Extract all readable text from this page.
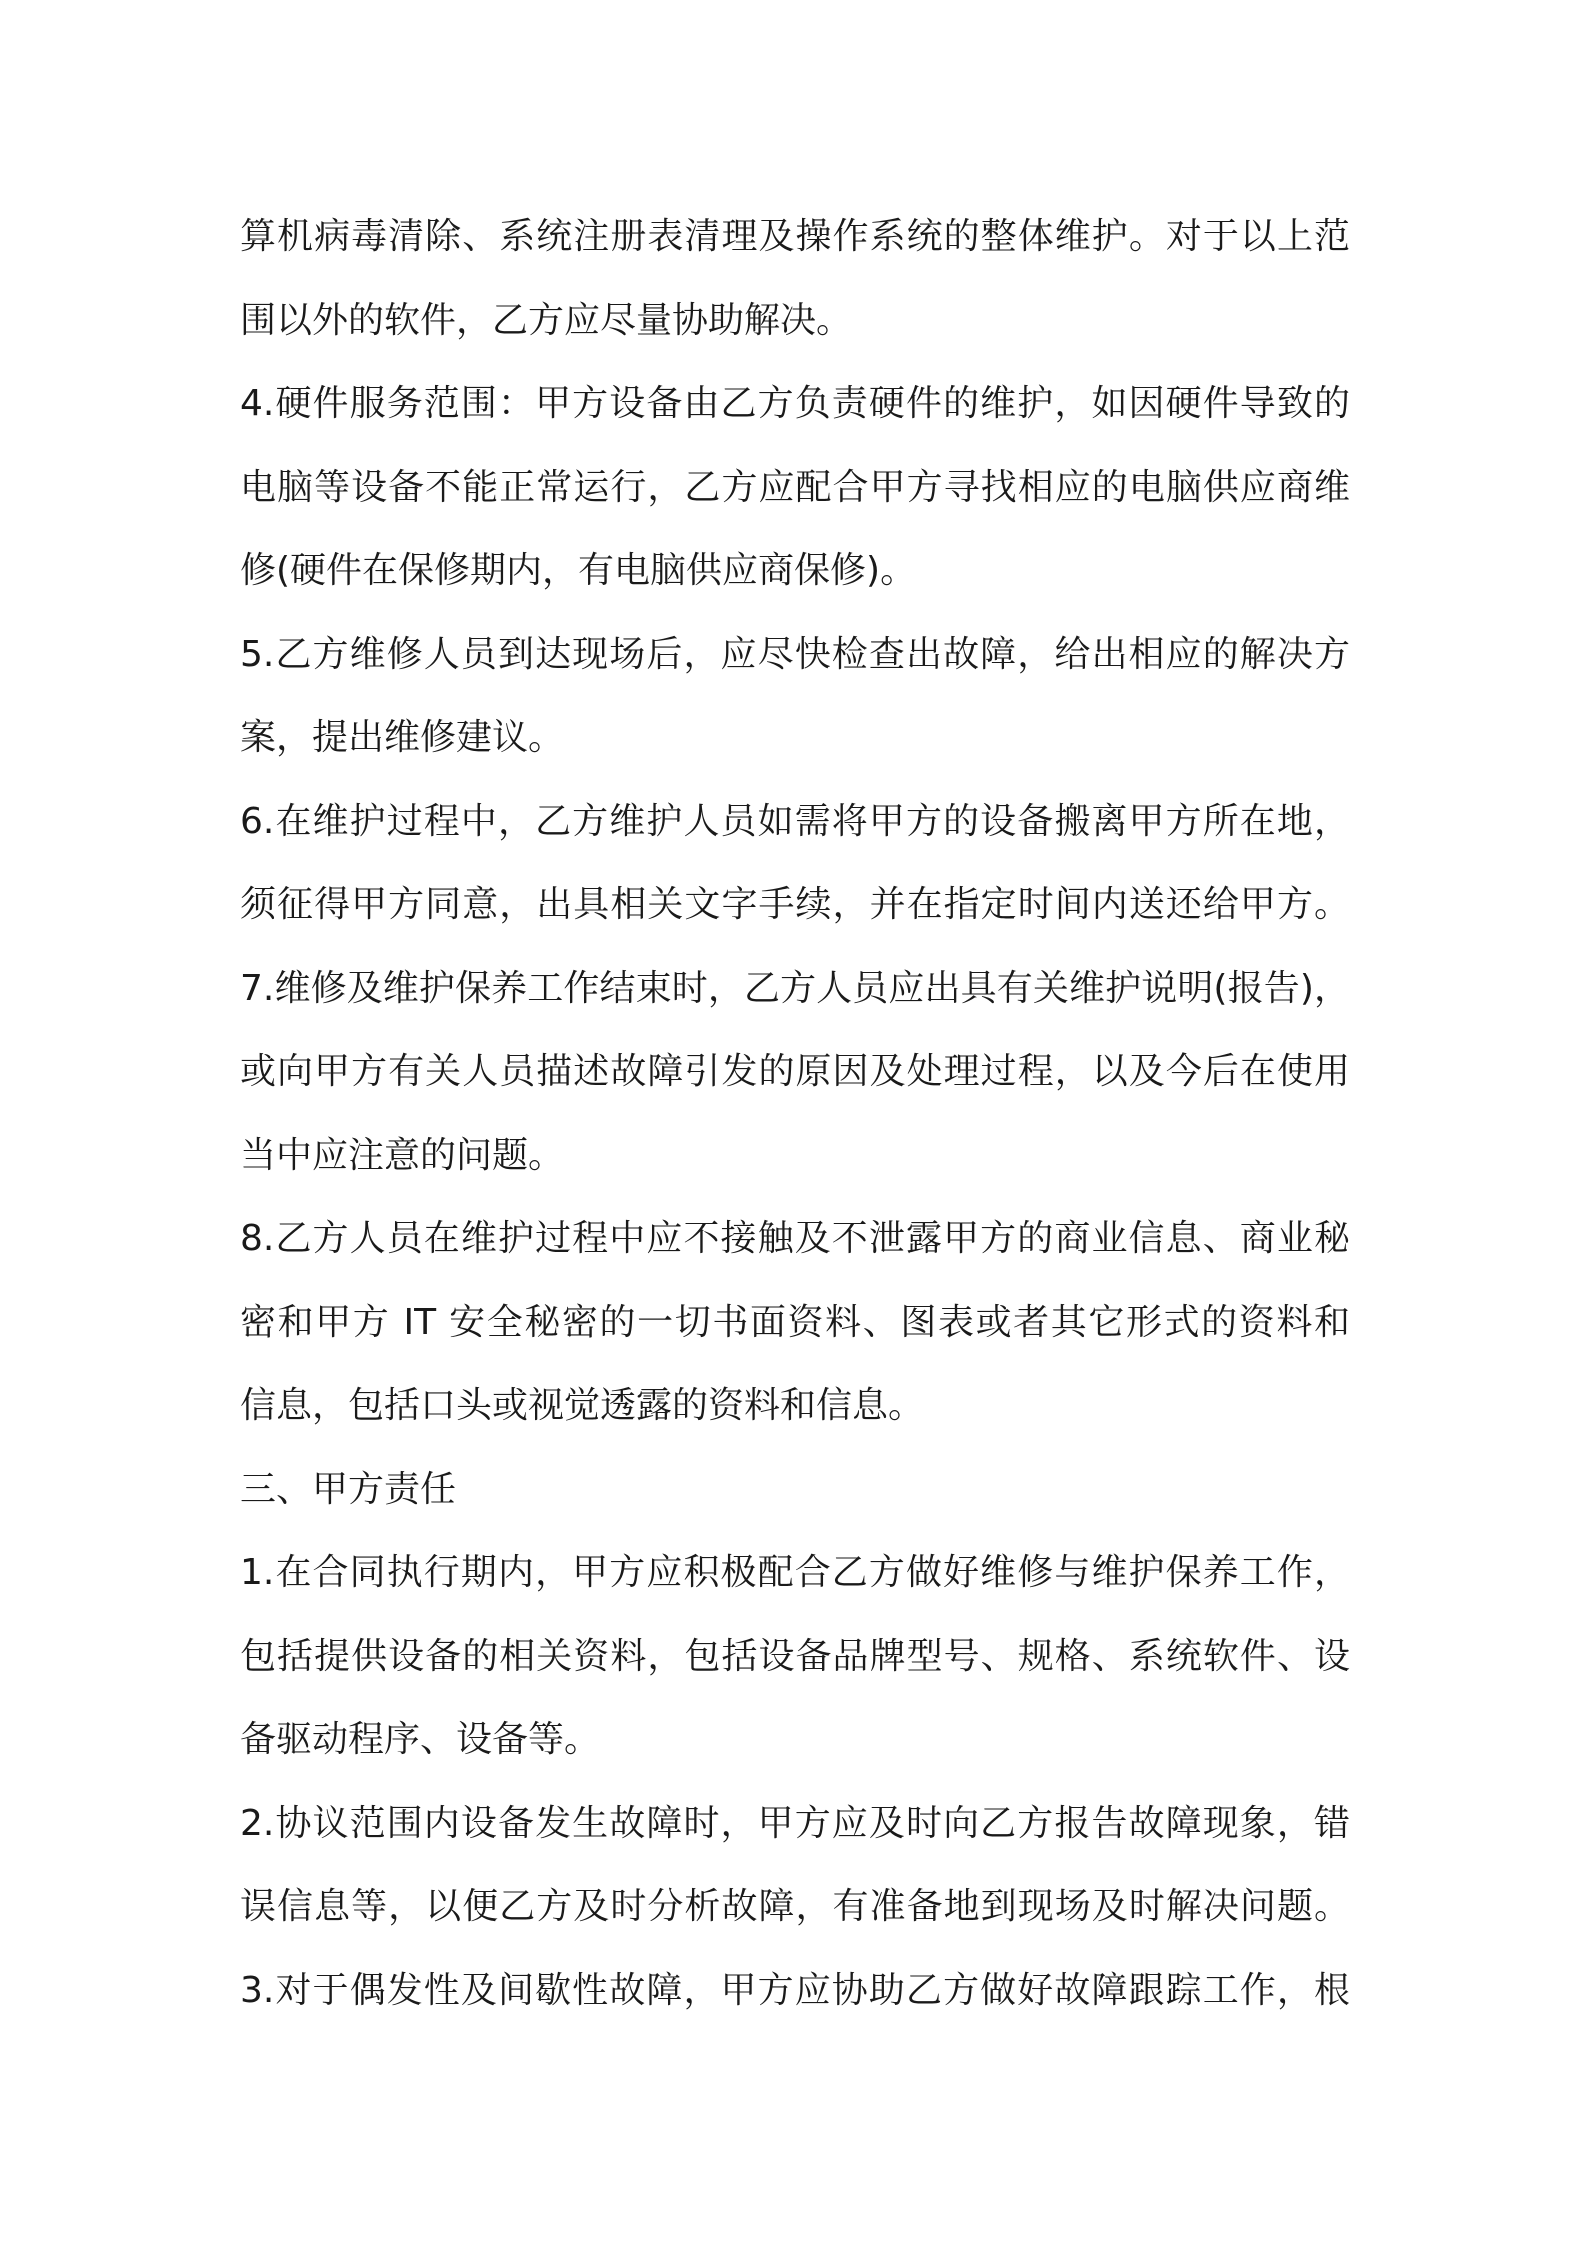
算机病毒清除、系统注册表清理及操作系统的整体维护。对于以上范
围以外的软件，乙方应尽量协助解决。
4.硬件服务范围：甲方设备由乙方负责硬件的维护，如因硬件导致的
电脑等设备不能正常运行，乙方应配合甲方寻找相应的电脑供应商维
修(硬件在保修期内，有电脑供应商保修)。
5.乙方维修人员到达现场后，应尽快检查出故障，给出相应的解决方
案，提出维修建议。
6.在维护过程中，乙方维护人员如需将甲方的设备搬离甲方所在地，
须征得甲方同意，出具相关文字手续，并在指定时间内送还给甲方。
7.维修及维护保养工作结束时，乙方人员应出具有关维护说明(报告)，
或向甲方有关人员描述故障引发的原因及处理过程，以及今后在使用
当中应注意的问题。
8.乙方人员在维护过程中应不接触及不泄露甲方的商业信息、商业秘
密和甲方 IT 安全秘密的一切书面资料、图表或者其它形式的资料和
信息，包括口头或视觉透露的资料和信息。
三、甲方责任
1.在合同执行期内，甲方应积极配合乙方做好维修与维护保养工作，
包括提供设备的相关资料，包括设备品牌型号、规格、系统软件、设
备驱动程序、设备等。
2.协议范围内设备发生故障时，甲方应及时向乙方报告故障现象，错
误信息等，以便乙方及时分析故障，有准备地到现场及时解决问题。
3.对于偶发性及间歇性故障，甲方应协助乙方做好故障跟踪工作，根
